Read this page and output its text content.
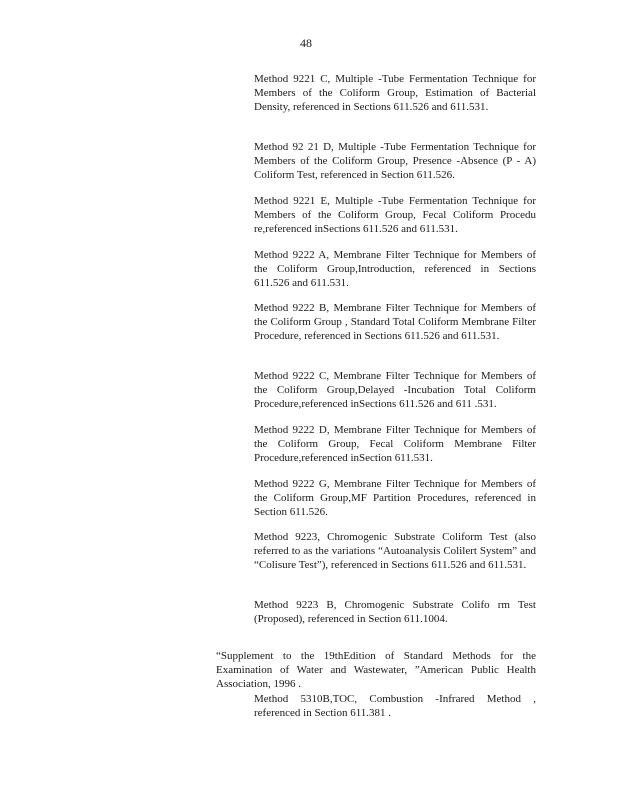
48

Method 9221 C, Multiple -Tube Fermentation Technique for Members of the Coliform Group, Estimation of Bacterial Density, referenced in Sections 611.526 and 611.531.

Method 92 21 D, Multiple -Tube Fermentation Technique for Members of the Coliform Group, Presence -Absence (P - A) Coliform Test, referenced in Section 611.526.

Method 9221 E, Multiple -Tube Fermentation Technique for Members of the Coliform Group, Fecal Coliform Procedu re,referenced inSections 611.526 and 611.531.

Method 9222 A, Membrane Filter Technique for Members of the Coliform Group,Introduction, referenced in Sections 611.526 and 611.531.

Method 9222 B, Membrane Filter Technique for Members of the Coliform Group , Standard Total Coliform Membrane Filter Procedure, referenced in Sections 611.526 and 611.531.

Method 9222 C, Membrane Filter Technique for Members of the Coliform Group,Delayed -Incubation Total Coliform Procedure,referenced inSections 611.526 and 611 .531.

Method 9222 D, Membrane Filter Technique for Members of the Coliform Group, Fecal Coliform Membrane Filter Procedure,referenced inSection 611.531.

Method 9222 G, Membrane Filter Technique for Members of the Coliform Group,MF Partition Procedures, referenced in Section 611.526.

Method 9223, Chromogenic Substrate Coliform Test (also referred to as the variations “Autoanalysis Colilert System” and “Colisure Test”), referenced in Sections 611.526 and 611.531.

Method 9223 B, Chromogenic Substrate Colifo rm Test (Proposed), referenced in Section 611.1004.

“Supplement to the 19thEdition of Standard Methods for the Examination of Water and Wastewater, ”American Public Health Association, 1996 .

Method 5310B,TOC, Combustion -Infrared Method , referenced in Section 611.381 .
